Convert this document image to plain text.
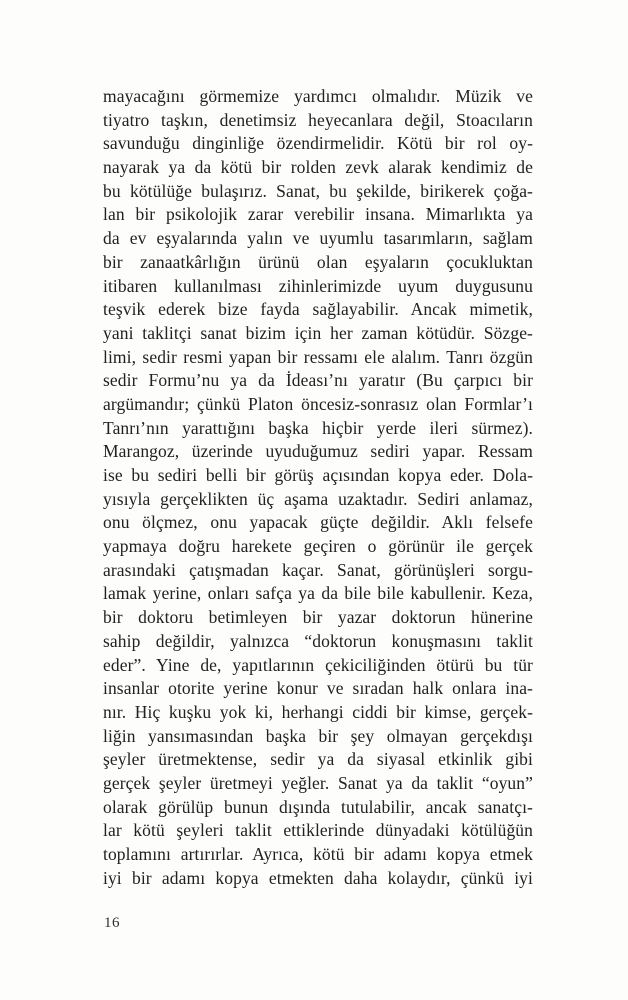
mayacağını görmemize yardımcı olmalıdır. Müzik ve
tiyatro taşkın, denetimsiz heyecanlara değil, Stoacıların
savunduğu dinginliğe özendirmelidir. Kötü bir rol oy-
nayarak ya da kötü bir rolden zevk alarak kendimiz de
bu kötülüğe bulaşırız. Sanat, bu şekilde, birikerek çoğa-
lan bir psikolojik zarar verebilir insana. Mimarlıkta ya
da ev eşyalarında yalın ve uyumlu tasarımların, sağlam
bir zanaatkârlığın ürünü olan eşyaların çocukluktan
itibaren kullanılması zihinlerimizde uyum duygusunu
teşvik ederek bize fayda sağlayabilir. Ancak mimetik,
yani taklitçi sanat bizim için her zaman kötüdür. Sözge-
limi, sedir resmi yapan bir ressamı ele alalım. Tanrı özgün
sedir Formu’nu ya da İdeası’nı yaratır (Bu çarpıcı bir
argümandır; çünkü Platon öncesiz-sonrasız olan Formlar’ı
Tanrı’nın yarattığını başka hiçbir yerde ileri sürmez).
Marangoz, üzerinde uyuduğumuz sediri yapar. Ressam
ise bu sediri belli bir görüş açısından kopya eder. Dola-
yısıyla gerçeklikten üç aşama uzaktadır. Sediri anlamaz,
onu ölçmez, onu yapacak güçte değildir. Aklı felsefe
yapmaya doğru harekete geçiren o görünür ile gerçek
arasındaki çatışmadan kaçar. Sanat, görünüşleri sorgu-
lamak yerine, onları safça ya da bile bile kabullenir. Keza,
bir doktoru betimleyen bir yazar doktorun hünerine
sahip değildir, yalnızca “doktorun konuşmasını taklit
eder”. Yine de, yapıtlarının çekiciliğinden ötürü bu tür
insanlar otorite yerine konur ve sıradan halk onlara ina-
nır. Hiç kuşku yok ki, herhangi ciddi bir kimse, gerçek-
liğin yansımasından başka bir şey olmayan gerçekdışı
şeyler üretmektense, sedir ya da siyasal etkinlik gibi
gerçek şeyler üretmeyi yeğler. Sanat ya da taklit “oyun”
olarak görülüp bunun dışında tutulabilir, ancak sanatçı-
lar kötü şeyleri taklit ettiklerinde dünyadaki kötülüğün
toplamını artırırlar. Ayrıca, kötü bir adamı kopya etmek
iyi bir adamı kopya etmekten daha kolaydır, çünkü iyi
16
